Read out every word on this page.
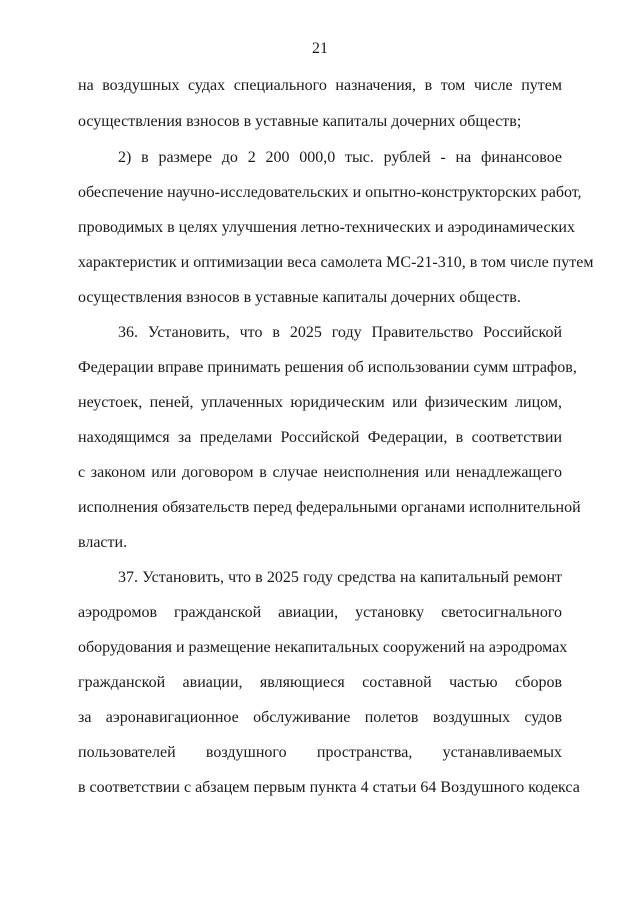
21
на воздушных судах специального назначения, в том числе путем
осуществления взносов в уставные капиталы дочерних обществ;
2) в размере до 2 200 000,0 тыс. рублей - на финансовое
обеспечение научно-исследовательских и опытно-конструкторских работ,
проводимых в целях улучшения летно-технических и аэродинамических
характеристик и оптимизации веса самолета МС-21-310, в том числе путем
осуществления взносов в уставные капиталы дочерних обществ.
36. Установить, что в 2025 году Правительство Российской
Федерации вправе принимать решения об использовании сумм штрафов,
неустоек, пеней, уплаченных юридическим или физическим лицом,
находящимся за пределами Российской Федерации, в соответствии
с законом или договором в случае неисполнения или ненадлежащего
исполнения обязательств перед федеральными органами исполнительной
власти.
37. Установить, что в 2025 году средства на капитальный ремонт
аэродромов гражданской авиации, установку светосигнального
оборудования и размещение некапитальных сооружений на аэродромах
гражданской авиации, являющиеся составной частью сборов
за аэронавигационное обслуживание полетов воздушных судов
пользователей воздушного пространства, устанавливаемых
в соответствии с абзацем первым пункта 4 статьи 64 Воздушного кодекса
